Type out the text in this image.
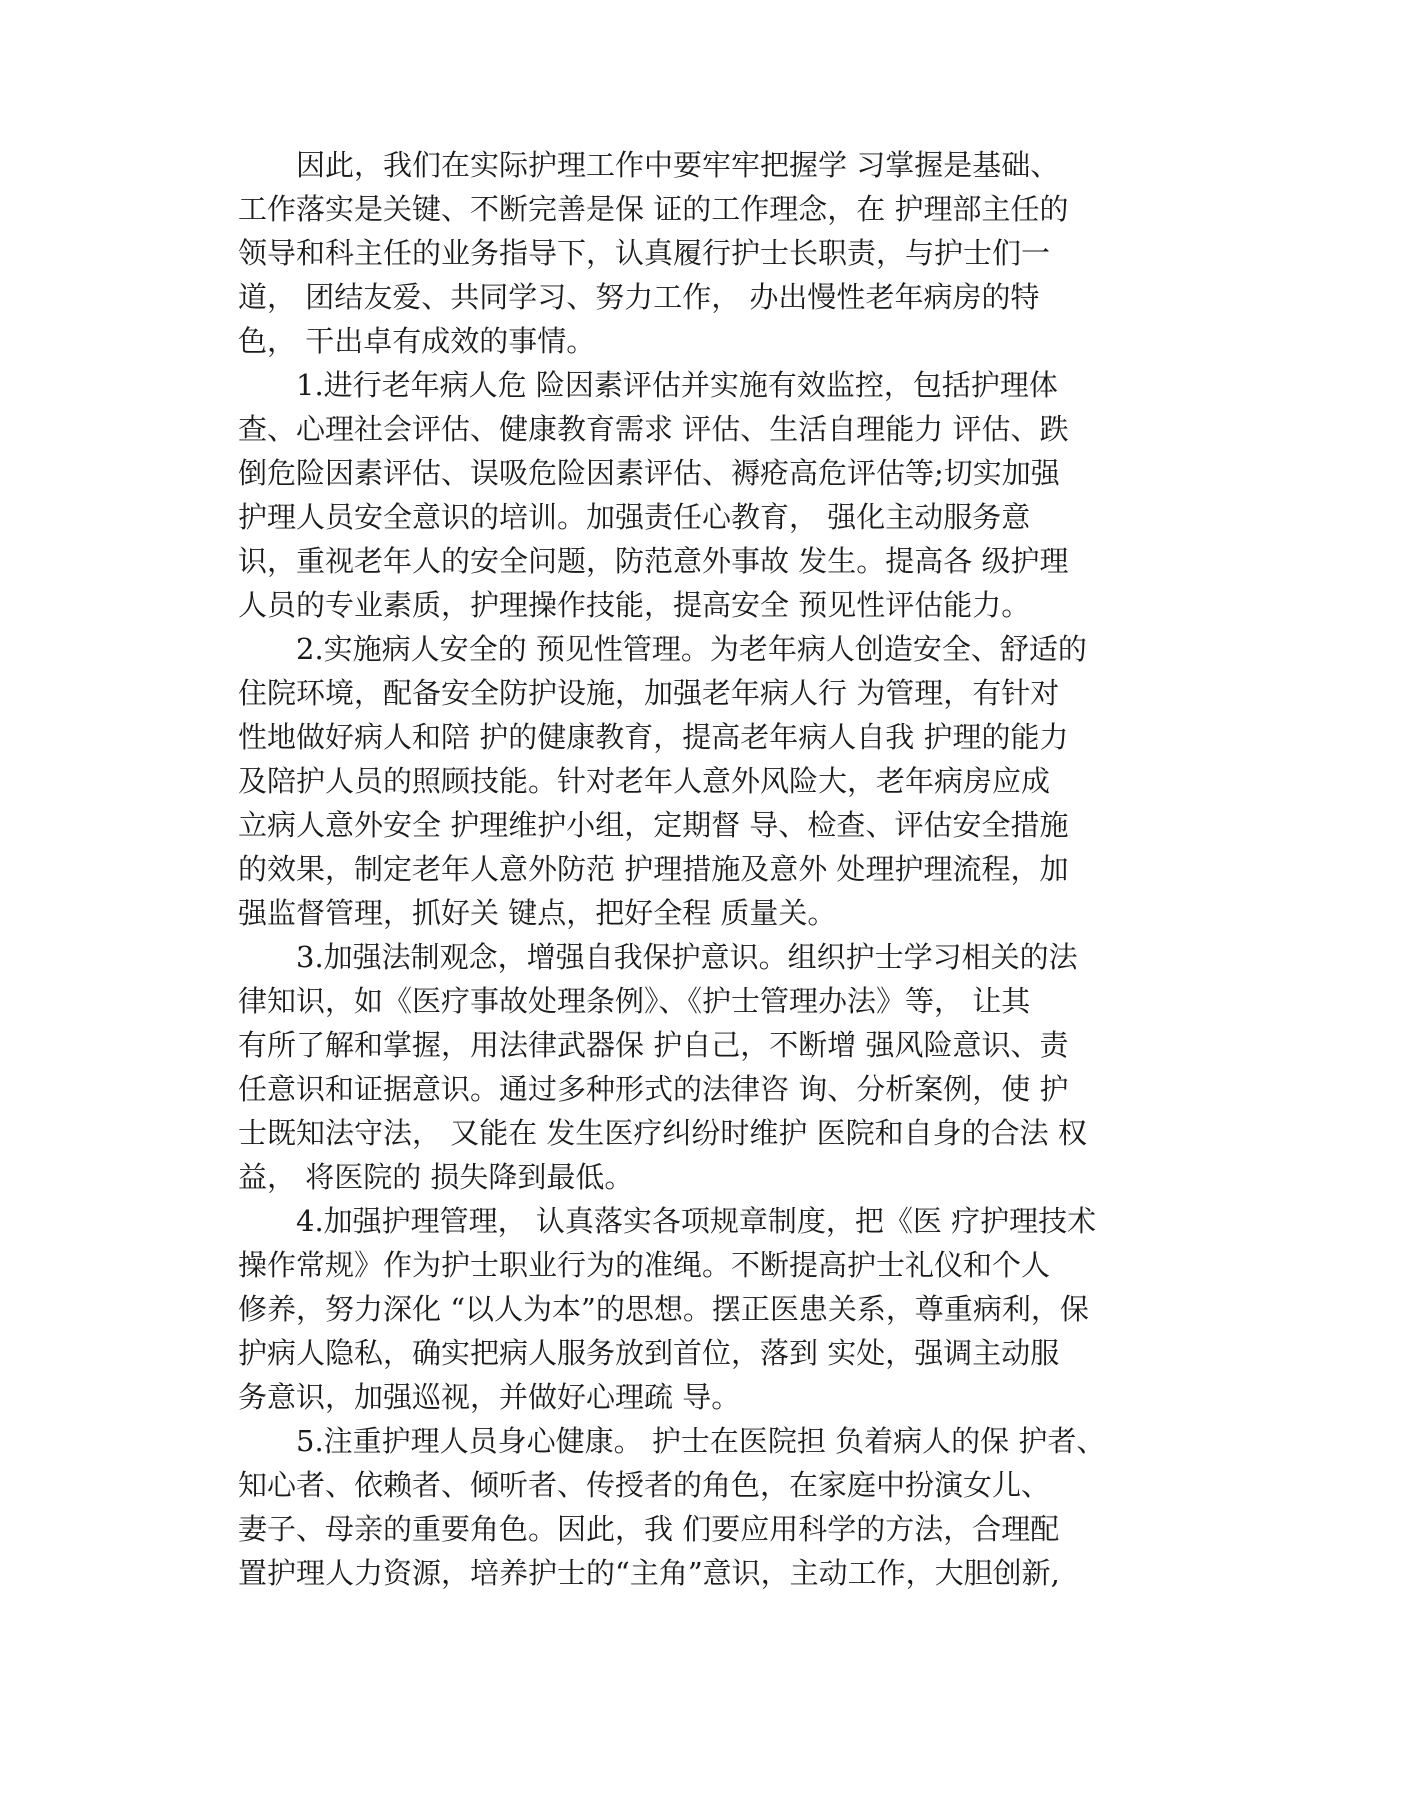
因此，我们在实际护理工作中要牢牢把握学 习掌握是基础、
工作落实是关键、不断完善是保 证的工作理念，在 护理部主任的
领导和科主任的业务指导下，认真履行护士长职责，与护士们一
道， 团结友爱、共同学习、努力工作， 办出慢性老年病房的特
色， 干出卓有成效的事情。
1.进行老年病人危 险因素评估并实施有效监控，包括护理体
查、心理社会评估、健康教育需求 评估、生活自理能力 评估、跌
倒危险因素评估、误吸危险因素评估、褥疮高危评估等;切实加强
护理人员安全意识的培训。加强责任心教育， 强化主动服务意
识，重视老年人的安全问题，防范意外事故 发生。提高各 级护理
人员的专业素质，护理操作技能，提高安全 预见性评估能力。
2.实施病人安全的 预见性管理。为老年病人创造安全、舒适的
住院环境，配备安全防护设施，加强老年病人行 为管理，有针对
性地做好病人和陪 护的健康教育，提高老年病人自我 护理的能力
及陪护人员的照顾技能。针对老年人意外风险大，老年病房应成
立病人意外安全 护理维护小组，定期督 导、检查、评估安全措施
的效果，制定老年人意外防范 护理措施及意外 处理护理流程，加
强监督管理，抓好关 键点，把好全程 质量关。
3.加强法制观念，增强自我保护意识。组织护士学习相关的法
律知识，如《医疗事故处理条例》、《护士管理办法》等， 让其
有所了解和掌握，用法律武器保 护自己，不断增 强风险意识、责
任意识和证据意识。通过多种形式的法律咨 询、分析案例，使 护
士既知法守法， 又能在 发生医疗纠纷时维护 医院和自身的合法 权
益， 将医院的 损失降到最低。
4.加强护理管理， 认真落实各项规章制度，把《医 疗护理技术
操作常规》作为护士职业行为的准绳。不断提高护士礼仪和个人
修养，努力深化 “以人为本”的思想。摆正医患关系，尊重病利，保
护病人隐私，确实把病人服务放到首位，落到 实处，强调主动服
务意识，加强巡视，并做好心理疏 导。
5.注重护理人员身心健康。 护士在医院担 负着病人的保 护者、
知心者、依赖者、倾听者、传授者的角色，在家庭中扮演女儿、
妻子、母亲的重要角色。因此，我 们要应用科学的方法，合理配
置护理人力资源，培养护士的“主角”意识，主动工作，大胆创新,
